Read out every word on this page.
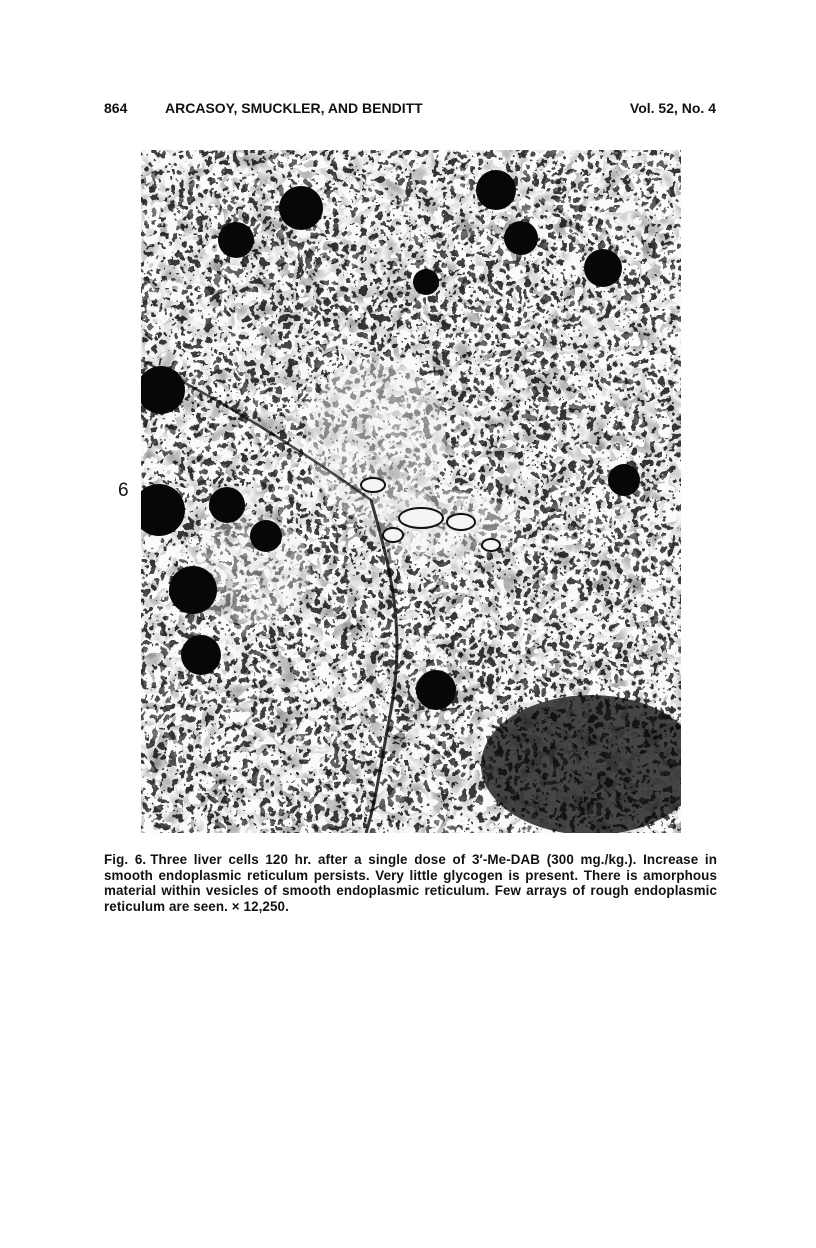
864	ARCASOY, SMUCKLER, AND BENDITT	Vol. 52, No. 4
6
Fig. 6. Three liver cells 120 hr. after a single dose of 3′-Me-DAB (300 mg./kg.). Increase in smooth endoplasmic reticulum persists. Very little glycogen is present. There is amorphous material within vesicles of smooth endoplasmic reticulum. Few arrays of rough endoplasmic reticulum are seen. × 12,250.
